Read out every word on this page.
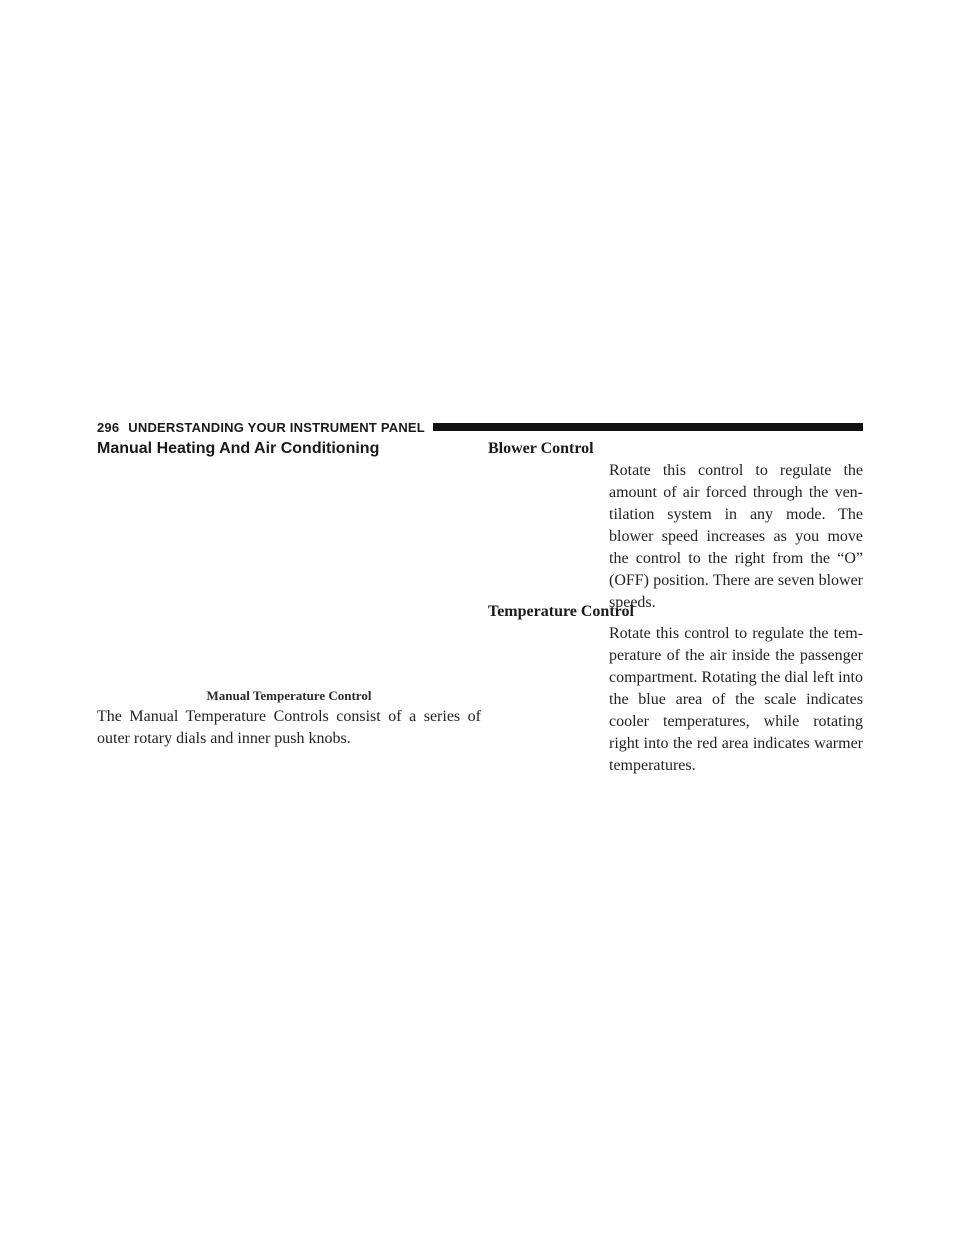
296 UNDERSTANDING YOUR INSTRUMENT PANEL
Manual Heating And Air Conditioning
Manual Temperature Control

The Manual Temperature Controls consist of a series of outer rotary dials and inner push knobs.

Blower Control

Rotate this control to regulate the amount of air forced through the ven-tilation system in any mode. The blower speed increases as you move the control to the right from the “O” (OFF) position. There are seven blower speeds.

Temperature Control

Rotate this control to regulate the tem-perature of the air inside the passenger compartment. Rotating the dial left into the blue area of the scale indicates cooler temperatures, while rotating right into the red area indicates warmer temperatures.
